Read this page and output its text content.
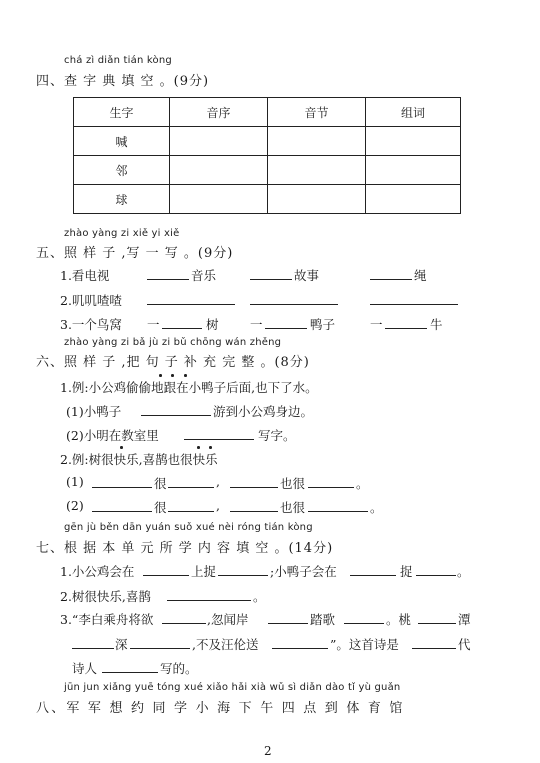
chá zì diǎn tián kòng
四、查 字 典 填 空 。(9分)
生字	音序	音节	组词
喊			
邻			
球			
zhào yàng zi xiě yi xiě
五、照 样 子 ,写 一 写 。(9分)
1.看电视	音乐	故事	绳
2.叽叽喳喳
3.一个鸟窝 一	树	一	鸭子	一	牛
zhào yàng zi bǎ jù zi bǔ chōng wán zhěng
六、照 样 子 ,把 句 子 补 充 完 整 。(8分)
1.例:小公鸡偷偷地跟在小鸭子后面,也下了水。
(1)小鸭子	游到小公鸡身边。
(2)小明在教室里	写字。
2.例:树很快乐,喜鹊也很快乐
(1)	很	,	也很	。
(2)	很	,	也很	。
gēn jù běn dān yuán suǒ xué nèi róng tián kòng
七、根 据 本 单 元 所 学 内 容 填 空 。(14分)
1.小公鸡会在	上捉	;小鸭子会在	捉	。
2.树很快乐,喜鹊	。
3.“李白乘舟将欲	,忽闻岸	踏歌	。桃	潭
深	,不及汪伦送	”。这首诗是	代
诗人	写的。
jūn jun xiǎng yuē tóng xué xiǎo hǎi xià wǔ sì diǎn dào tǐ yù guǎn
八、军 军 想 约 同 学 小 海 下 午 四 点 到 体 育 馆
2
